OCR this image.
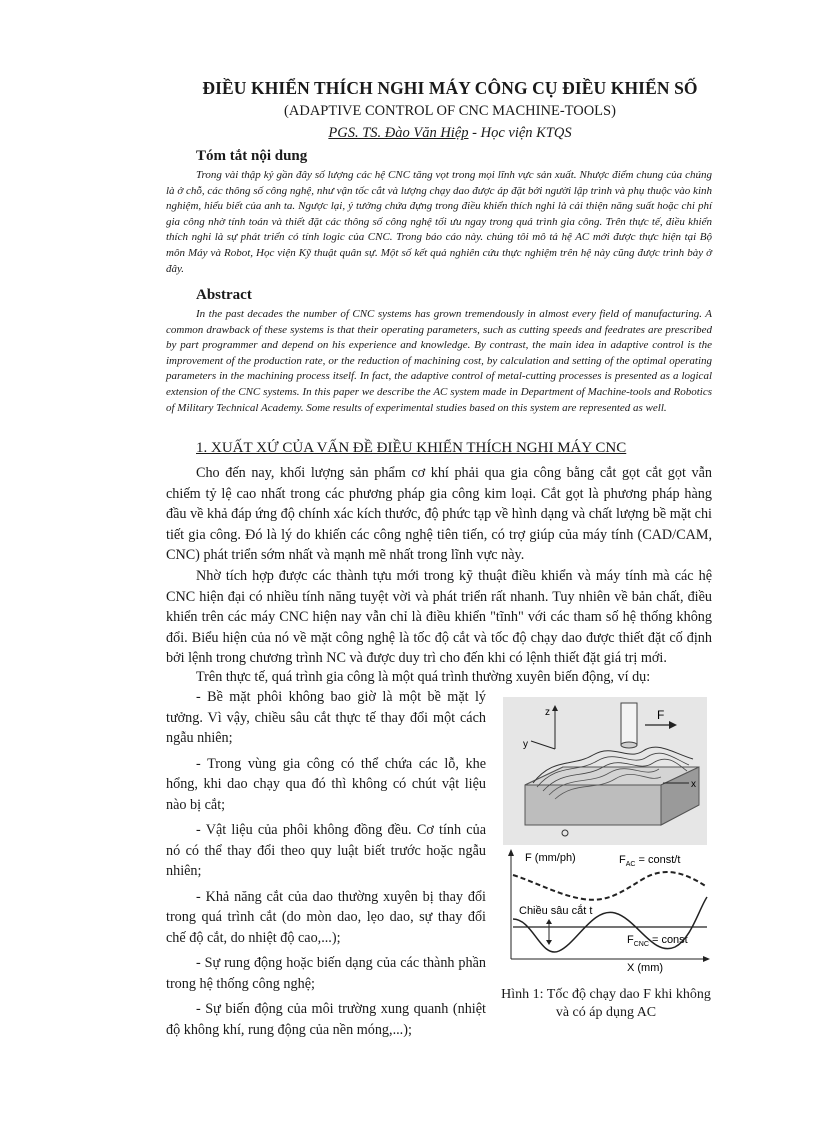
ĐIỀU KHIỂN THÍCH NGHI MÁY CÔNG CỤ ĐIỀU KHIỂN SỐ
(ADAPTIVE CONTROL OF CNC MACHINE-TOOLS)
PGS. TS. Đào Văn Hiệp - Học viện KTQS
Tóm tắt nội dung

Trong vài thập kỷ gần đây số lượng các hệ CNC tăng vọt trong mọi lĩnh vực sản xuất. Nhược điểm chung của chúng là ở chỗ, các thông số công nghệ, như vận tốc cắt và lượng chạy dao được áp đặt bởi người lập trình và phụ thuộc vào kinh nghiệm, hiểu biết của anh ta. Ngược lại, ý tưởng chứa đựng trong điều khiển thích nghi là cải thiện năng suất hoặc chi phí gia công nhờ tính toán và thiết đặt các thông số công nghệ tối ưu ngay trong quá trình gia công. Trên thực tế, điều khiển thích nghi là sự phát triển có tính logic của CNC. Trong báo cáo này. chúng tôi mô tả hệ AC mới được thực hiện tại Bộ môn Máy và Robot, Học viện Kỹ thuật quân sự. Một số kết quả nghiên cứu thực nghiệm trên hệ này cũng được trình bày ở đây.

Abstract

In the past decades the number of CNC systems has grown tremendously in almost every field of manufacturing. A common drawback of these systems is that their operating parameters, such as cutting speeds and feedrates are prescribed by part programmer and depend on his experience and knowledge. By contrast, the main idea in adaptive control is the improvement of the production rate, or the reduction of machining cost, by calculation and setting of the optimal operating parameters in the machining process itself. In fact, the adaptive control of metal-cutting processes is presented as a logical extension of the CNC systems. In this paper we describe the AC system made in Department of Machine-tools and Robotics of Military Technical Academy. Some results of experimental studies based on this system are represented as well.

1. XUẤT XỨ CỦA VẤN ĐỀ ĐIỀU KHIỂN THÍCH NGHI MÁY CNC

Cho đến nay, khối lượng sản phẩm cơ khí phải qua gia công bằng cắt gọt cắt gọt vẫn chiếm tỷ lệ cao nhất trong các phương pháp gia công kim loại. Cắt gọt là phương pháp hàng đầu về khả đáp ứng độ chính xác kích thước, độ phức tạp về hình dạng và chất lượng bề mặt chi tiết gia công. Đó là lý do khiến các công nghệ tiên tiến, có trợ giúp của máy tính (CAD/CAM, CNC) phát triển sớm nhất và mạnh mẽ nhất trong lĩnh vực này.

Nhờ tích hợp được các thành tựu mới trong kỹ thuật điều khiển và máy tính mà các hệ CNC hiện đại có nhiều tính năng tuyệt vời và phát triển rất nhanh. Tuy nhiên về bản chất, điều khiển trên các máy CNC hiện nay vẫn chỉ là điều khiển "tĩnh" với các tham số hệ thống không đổi. Biểu hiện của nó về mặt công nghệ là tốc độ cắt và tốc độ chạy dao được thiết đặt cố định bởi lệnh trong chương trình NC và được duy trì cho đến khi có lệnh thiết đặt giá trị mới.

Trên thực tế, quá trình gia công là một quá trình thường xuyên biến động, ví dụ:

- Bề mặt phôi không bao giờ là một bề mặt lý tưởng. Vì vậy, chiều sâu cắt thực tế thay đổi một cách ngẫu nhiên;
- Trong vùng gia công có thể chứa các lỗ, khe hổng, khi dao chạy qua đó thì không có chút vật liệu nào bị cắt;
- Vật liệu của phôi không đồng đều. Cơ tính của nó có thể thay đổi theo quy luật biết trước hoặc ngẫu nhiên;
- Khả năng cắt của dao thường xuyên bị thay đổi trong quá trình cắt (do mòn dao, lẹo dao, sự thay đổi chế độ cắt, do nhiệt độ cao,...);
- Sự rung động hoặc biến dạng của các thành phần trong hệ thống công nghệ;
- Sự biến động của môi trường xung quanh (nhiệt độ không khí, rung động của nền móng,...);
z
y
x
F
F (mm/ph)
X (mm)
$F_{AC}$ = const/t
Chiều sâu cắt t
$F_{CNC}$ = const
Hình 1: Tốc độ chạy dao F khi không và có áp dụng AC
